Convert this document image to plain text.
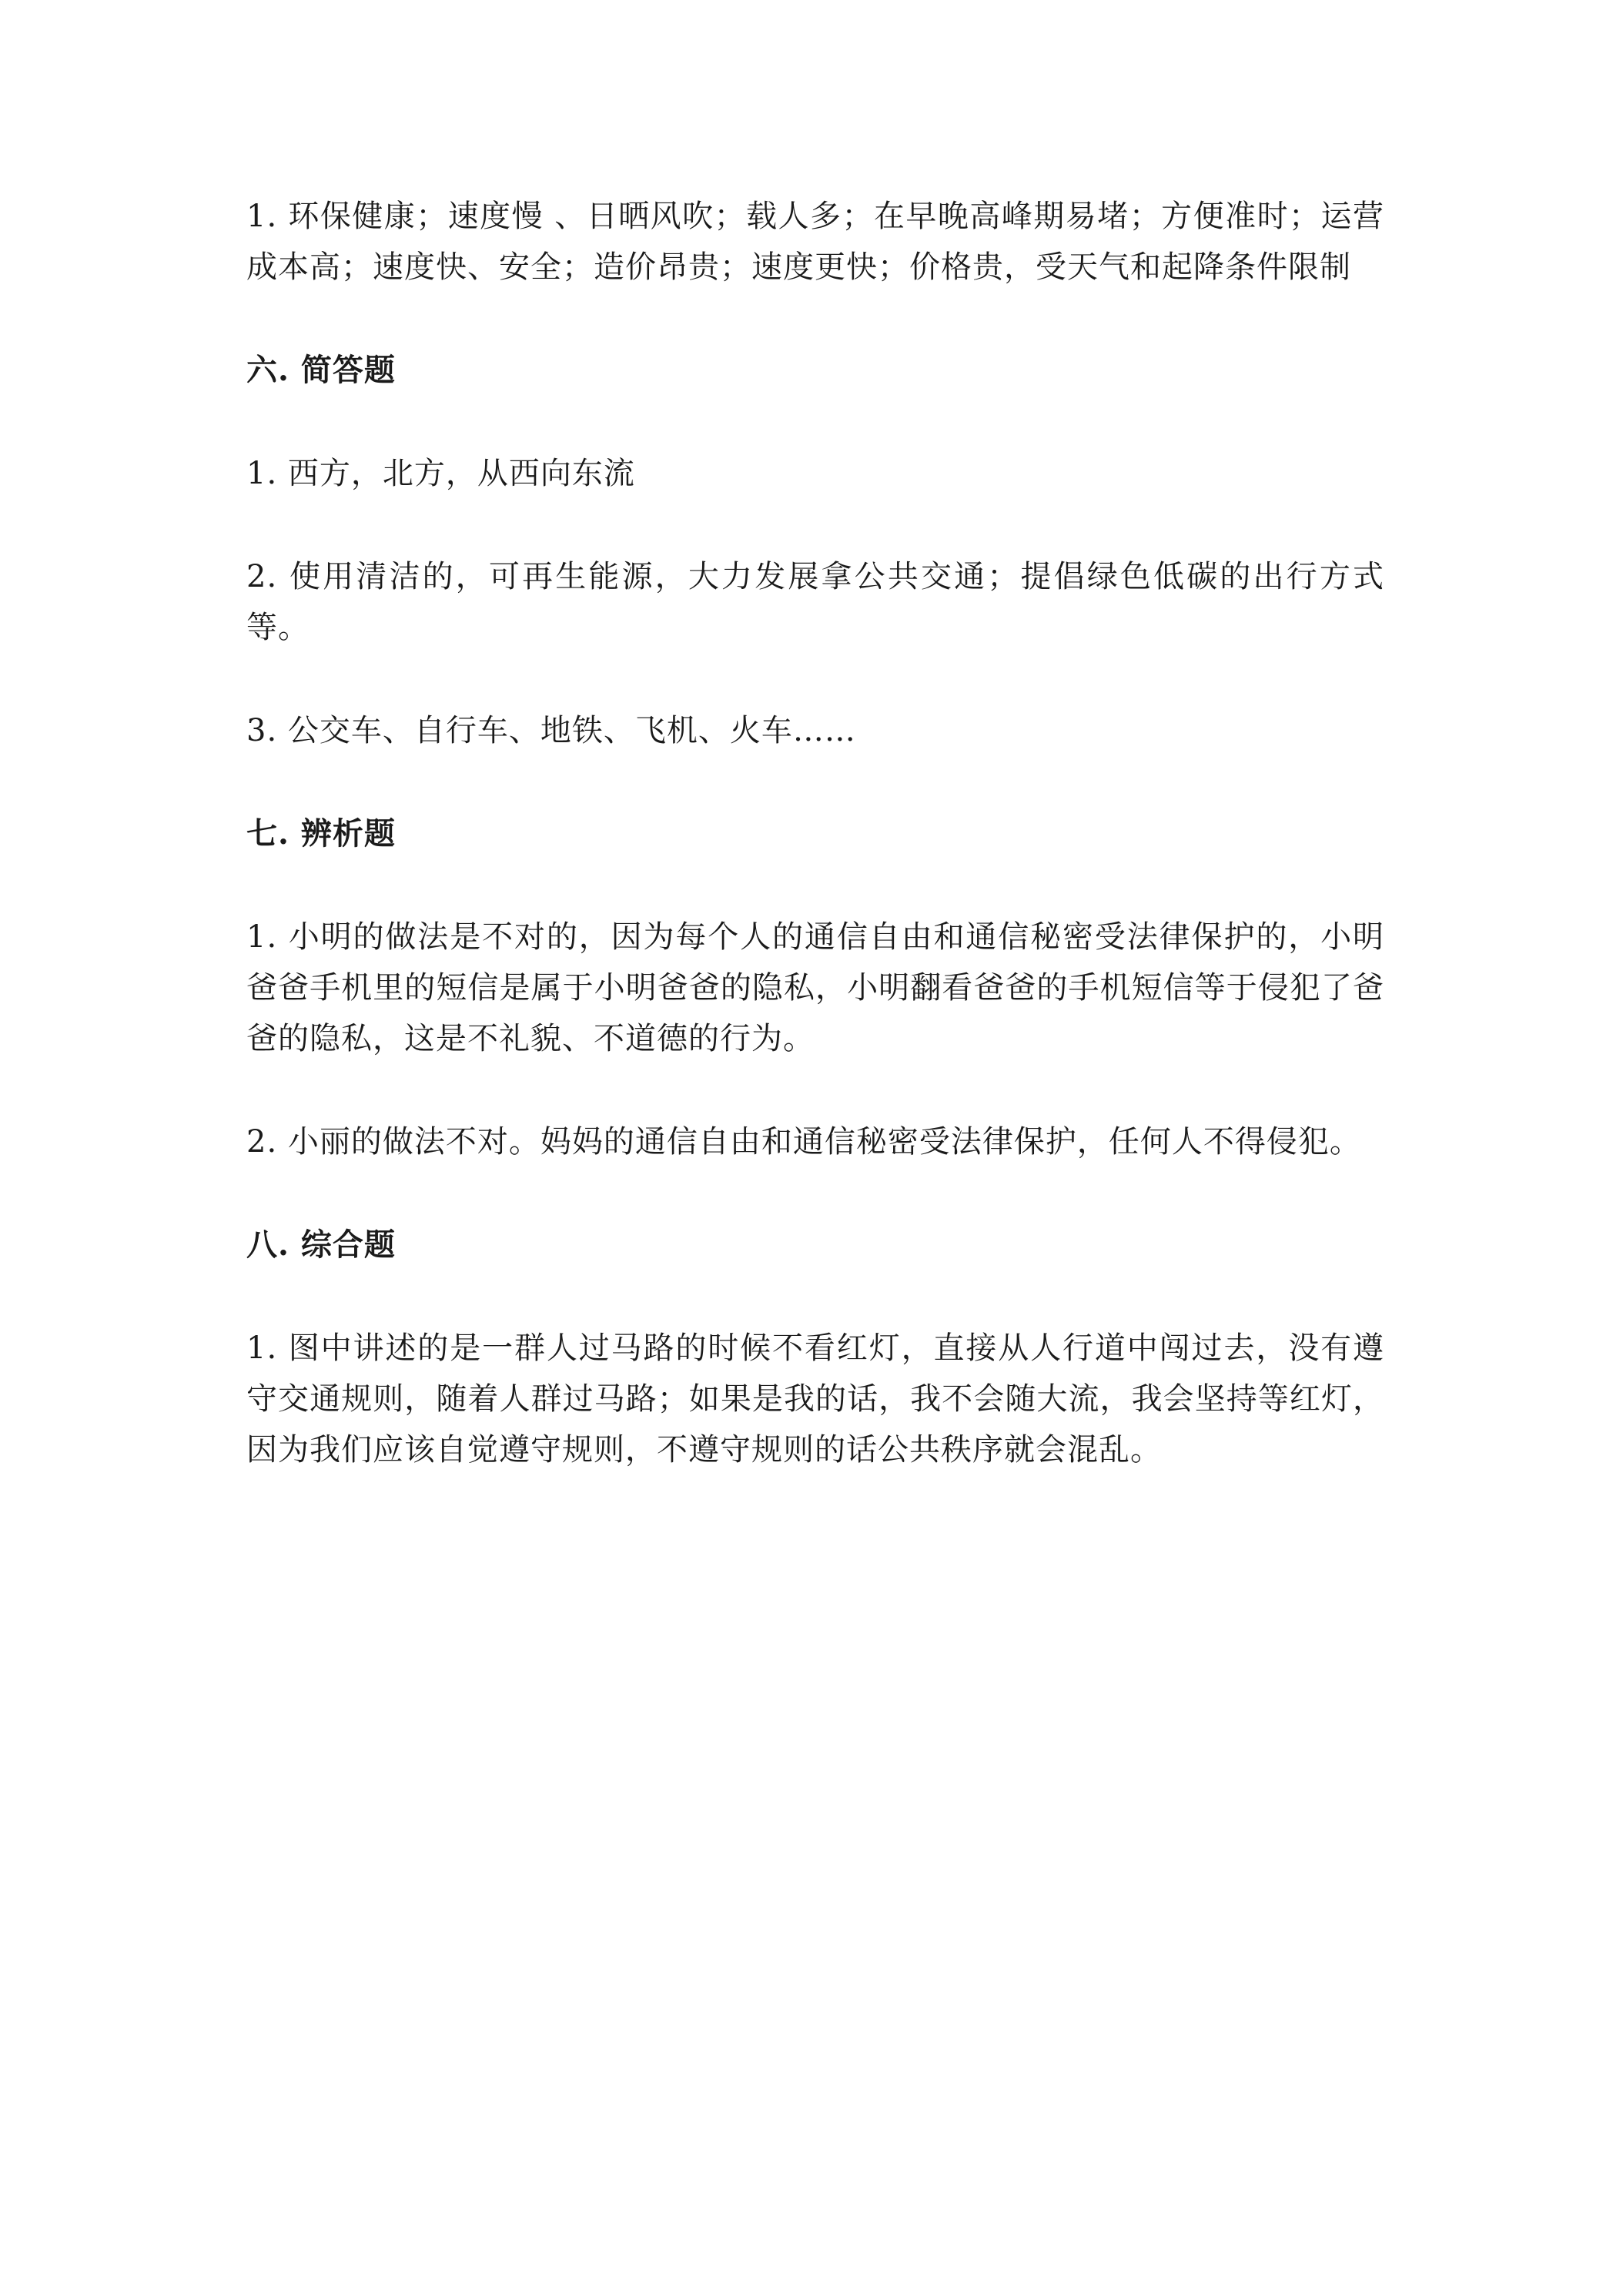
1. 环保健康；速度慢 、日晒风吹；载人多；在早晚高峰期易堵；方便准时；运营成本高；速度快、安全；造价昂贵；速度更快；价格贵，受天气和起降条件限制

六. 简答题

1. 西方，北方，从西向东流

2. 使用清洁的，可再生能源，大力发展拿公共交通；提倡绿色低碳的出行方式等。

3. 公交车、自行车、地铁、飞机、火车……

七. 辨析题

1. 小明的做法是不对的，因为每个人的通信自由和通信秘密受法律保护的，小明爸爸手机里的短信是属于小明爸爸的隐私，小明翻看爸爸的手机短信等于侵犯了爸爸的隐私，这是不礼貌、不道德的行为。

2. 小丽的做法不对。妈妈的通信自由和通信秘密受法律保护，任何人不得侵犯。

八. 综合题

1. 图中讲述的是一群人过马路的时候不看红灯，直接从人行道中闯过去，没有遵守交通规则，随着人群过马路；如果是我的话，我不会随大流，我会坚持等红灯，因为我们应该自觉遵守规则，不遵守规则的话公共秩序就会混乱。
